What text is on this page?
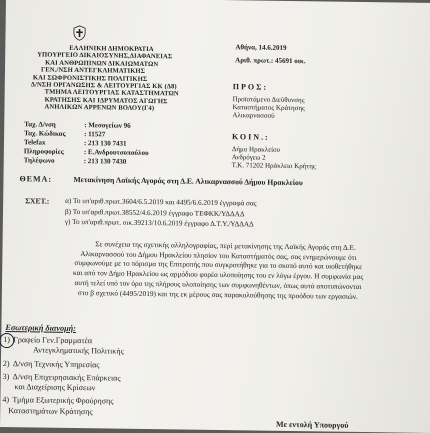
ΕΛΛΗΝΙΚΗ ΔΗΜΟΚΡΑΤΙΑ
ΥΠΟΥΡΓΕΙΟ ΔΙΚΑΙΟΣΥΝΗΣ,ΔΙΑΦΑΝΕΙΑΣ
ΚΑΙ ΑΝΘΡΩΠΙΝΩΝ ΔΙΚΑΙΩΜΑΤΩΝ
ΓΕΝ./ΝΣΗ ΑΝΤΕΓΚΛΗΜΑΤΙΚΗΣ
ΚΑΙ ΣΩΦΡΟΝΙΣΤΙΚΗΣ ΠΟΛΙΤΙΚΗΣ
Δ/ΝΣΗ ΟΡΓΑΝΩΣΗΣ & ΛΕΙΤΟΥΡΓΙΑΣ ΚΚ (Δ8)
ΤΜΗΜΑ ΛΕΙΤΟΥΡΓΙΑΣ ΚΑΤΑΣΤΗΜΑΤΩΝ
ΚΡΑΤΗΣΗΣ ΚΑΙ ΙΔΡΥΜΑΤΟΣ ΑΓΩΓΗΣ
ΑΝΗΛΙΚΩΝ ΑΡΡΕΝΩΝ ΒΟΛΟΥ(Γ4)
Ταχ. Δ/νση	: Μεσογείων 96
Ταχ. Κώδικας	: 11527
Telefax	: 213 130 7431
Πληροφορίες	: Ε.Ανδρουτσοπούλου
Τηλέφωνο	: 213 130 7430
Αθήνα, 14.6.2019
Αριθ. πρωτ.: 45691 οικ.
ΠΡΟΣ:
Προϊστάμενο Διεύθυνσης
Καταστήματος Κράτησης
Αλικαρνασσού
ΚΟΙΝ.:
Δήμο Ηρακλείου
Ανδρόγεω 2
Τ.Κ. 71202 Ηράκλειο Κρήτης
ΘΕΜΑ:	Μετακίνηση Λαϊκής Αγοράς στη Δ.Ε. Αλικαρνασσού Δήμου Ηρακλείου
ΣΧΕΤ.: α) Το υπ'αριθ.πρωτ.3604/6.5.2019 και 4495/6.6.2019 έγγραφά σας
β) Το υπ'αριθ.πρωτ.38552/4.6.2019 έγγραφο ΤΕΦΚΚ/ΥΔΔΑΔ
γ) Το υπ'αριθ.πρωτ. οικ.39213/10.6.2019 έγγραφο Δ.Τ.Υ./ΥΔΔΑΔ
Σε συνέχεια της σχετικής αλληλογραφίας, περί μετακίνησης της Λαϊκής Αγοράς στη Δ.Ε.
Αλικαρνασσού του Δήμου Ηρακλείου πλησίον του Καταστήματός σας, σας ενημερώνουμε ότι
συμφωνούμε με το πόρισμα της Επιτροπής που συγκροτήθηκε για το σκοπό αυτό και υιοθετήθηκε
και από τον Δήμο Ηρακλείου ως αρμόδιου φορέα υλοποίησης του εν λόγω έργου. Η συμφωνία μας
αυτή τελεί υπό τον όρο της πλήρους υλοποίησης των συμφωνηθέντων, όπως αυτά αποτυπώνονται
στο β σχετικό (4495/2019) και της εκ μέρους σας παρακολούθησης της προόδου των εργασιών.
Εσωτερική διανομή:
1) Γραφείο Γεν.Γραμματέα
Αντεγκληματικής Πολιτικής
2) Δ/νση Τεχνικής Υπηρεσίας
3) Δ/νση Επιχειρησιακής Επάρκειας
και Διαχείρισης Κρίσεων
4) Τμήμα Εξωτερικής Φρούρησης
Καταστημάτων Κράτησης
Με εντολή Υπουργού
